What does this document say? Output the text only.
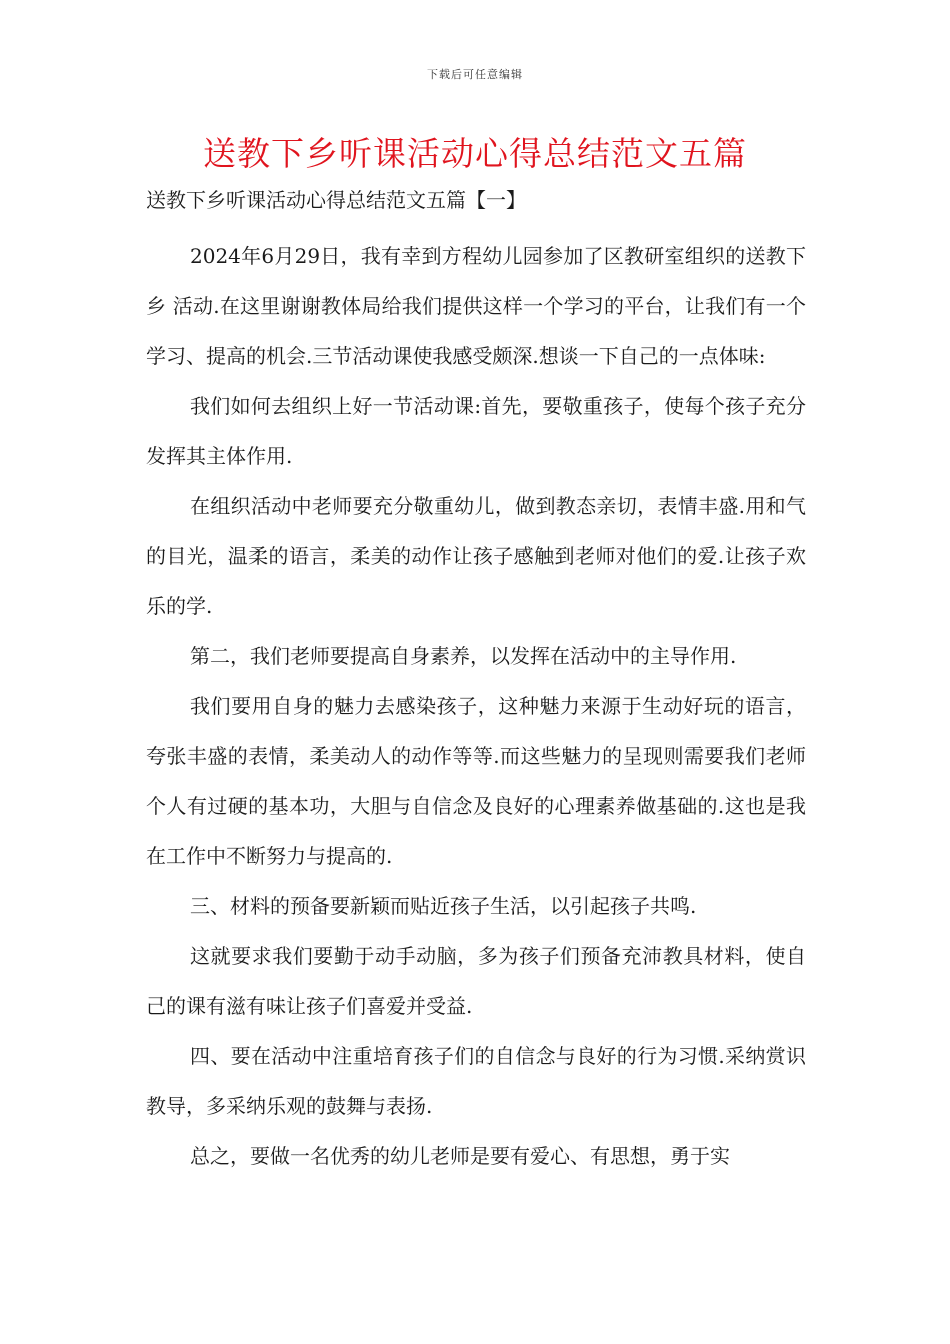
下载后可任意编辑
送教下乡听课活动心得总结范文五篇

送教下乡听课活动心得总结范文五篇【一】

2024年6月29日，我有幸到方程幼儿园参加了区教研室组织的送教下乡 活动.在这里谢谢教体局给我们提供这样一个学习的平台，让我们有一个学习、提高的机会.三节活动课使我感受颇深.想谈一下自己的一点体味:

我们如何去组织上好一节活动课:首先，要敬重孩子，使每个孩子充分发挥其主体作用.

在组织活动中老师要充分敬重幼儿，做到教态亲切，表情丰盛.用和气的目光，温柔的语言，柔美的动作让孩子感触到老师对他们的爱.让孩子欢乐的学.

第二，我们老师要提高自身素养，以发挥在活动中的主导作用.

我们要用自身的魅力去感染孩子，这种魅力来源于生动好玩的语言，夸张丰盛的表情，柔美动人的动作等等.而这些魅力的呈现则需要我们老师个人有过硬的基本功，大胆与自信念及良好的心理素养做基础的.这也是我在工作中不断努力与提高的.

三、材料的预备要新颖而贴近孩子生活，以引起孩子共鸣.

这就要求我们要勤于动手动脑，多为孩子们预备充沛教具材料，使自己的课有滋有味让孩子们喜爱并受益.

四、要在活动中注重培育孩子们的自信念与良好的行为习惯.采纳赏识教导，多采纳乐观的鼓舞与表扬.

总之，要做一名优秀的幼儿老师是要有爱心、有思想，勇于实
